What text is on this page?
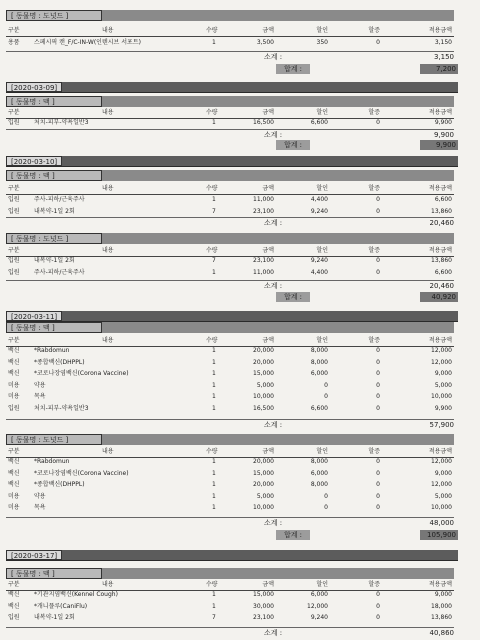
[ 동물명 : 도넛드 ]
구분	내용	수량	금액	할인	할증	적용금액
용품 스페시픽 캔_F/C-IN-W(인텐시브 서포트)	1	3,500	350	0	3,150
소계 :	3,150
합계 :	7,200
[2020-03-09]
[ 동물명 : 맥 ]
구분	내용	수량	금액	할인	할증	적용금액
입원 처치-피부-약욕일반3	1	16,500	6,600	0	9,900
소계 :	9,900
합계 :	9,900
[2020-03-10]
[ 동물명 : 맥 ]
구분	내용	수량	금액	할인	할증	적용금액
입원 주사-피하/근육주사	1	11,000	4,400	0	6,600
입원 내복약-1일 2회	7	23,100	9,240	0	13,860
소계 :	20,460
[ 동물명 : 도넛드 ]
구분	내용	수량	금액	할인	할증	적용금액
입원 내복약-1일 2회	7	23,100	9,240	0	13,860
입원 주사-피하/근육주사	1	11,000	4,400	0	6,600
소계 :	20,460
합계 :	40,920
[2020-03-11]
[ 동물명 : 맥 ]
구분	내용	수량	금액	할인	할증	적용금액
백신 *Rabdomun	1	20,000	8,000	0	12,000
백신 *종합백신(DHPPL)	1	20,000	8,000	0	12,000
백신 *코로나장염백신(Corona Vaccine)	1	15,000	6,000	0	9,000
미용 약용	1	5,000	0	0	5,000
미용 목욕	1	10,000	0	0	10,000
입원 처치-피부-약욕일반3	1	16,500	6,600	0	9,900
소계 :	57,900
[ 동물명 : 도넛드 ]
구분	내용	수량	금액	할인	할증	적용금액
백신 *Rabdomun	1	20,000	8,000	0	12,000
백신 *코로나장염백신(Corona Vaccine)	1	15,000	6,000	0	9,000
백신 *종합백신(DHPPL)	1	20,000	8,000	0	12,000
미용 약용	1	5,000	0	0	5,000
미용 목욕	1	10,000	0	0	10,000
소계 :	48,000
합계 :	105,900
[2020-03-17]
[ 동물명 : 맥 ]
구분	내용	수량	금액	할인	할증	적용금액
백신 *기관지염백신(Kennel Cough)	1	15,000	6,000	0	9,000
백신 *개니플루(CaniFlu)	1	30,000	12,000	0	18,000
입원 내복약-1일 2회	7	23,100	9,240	0	13,860
소계 :	40,860
